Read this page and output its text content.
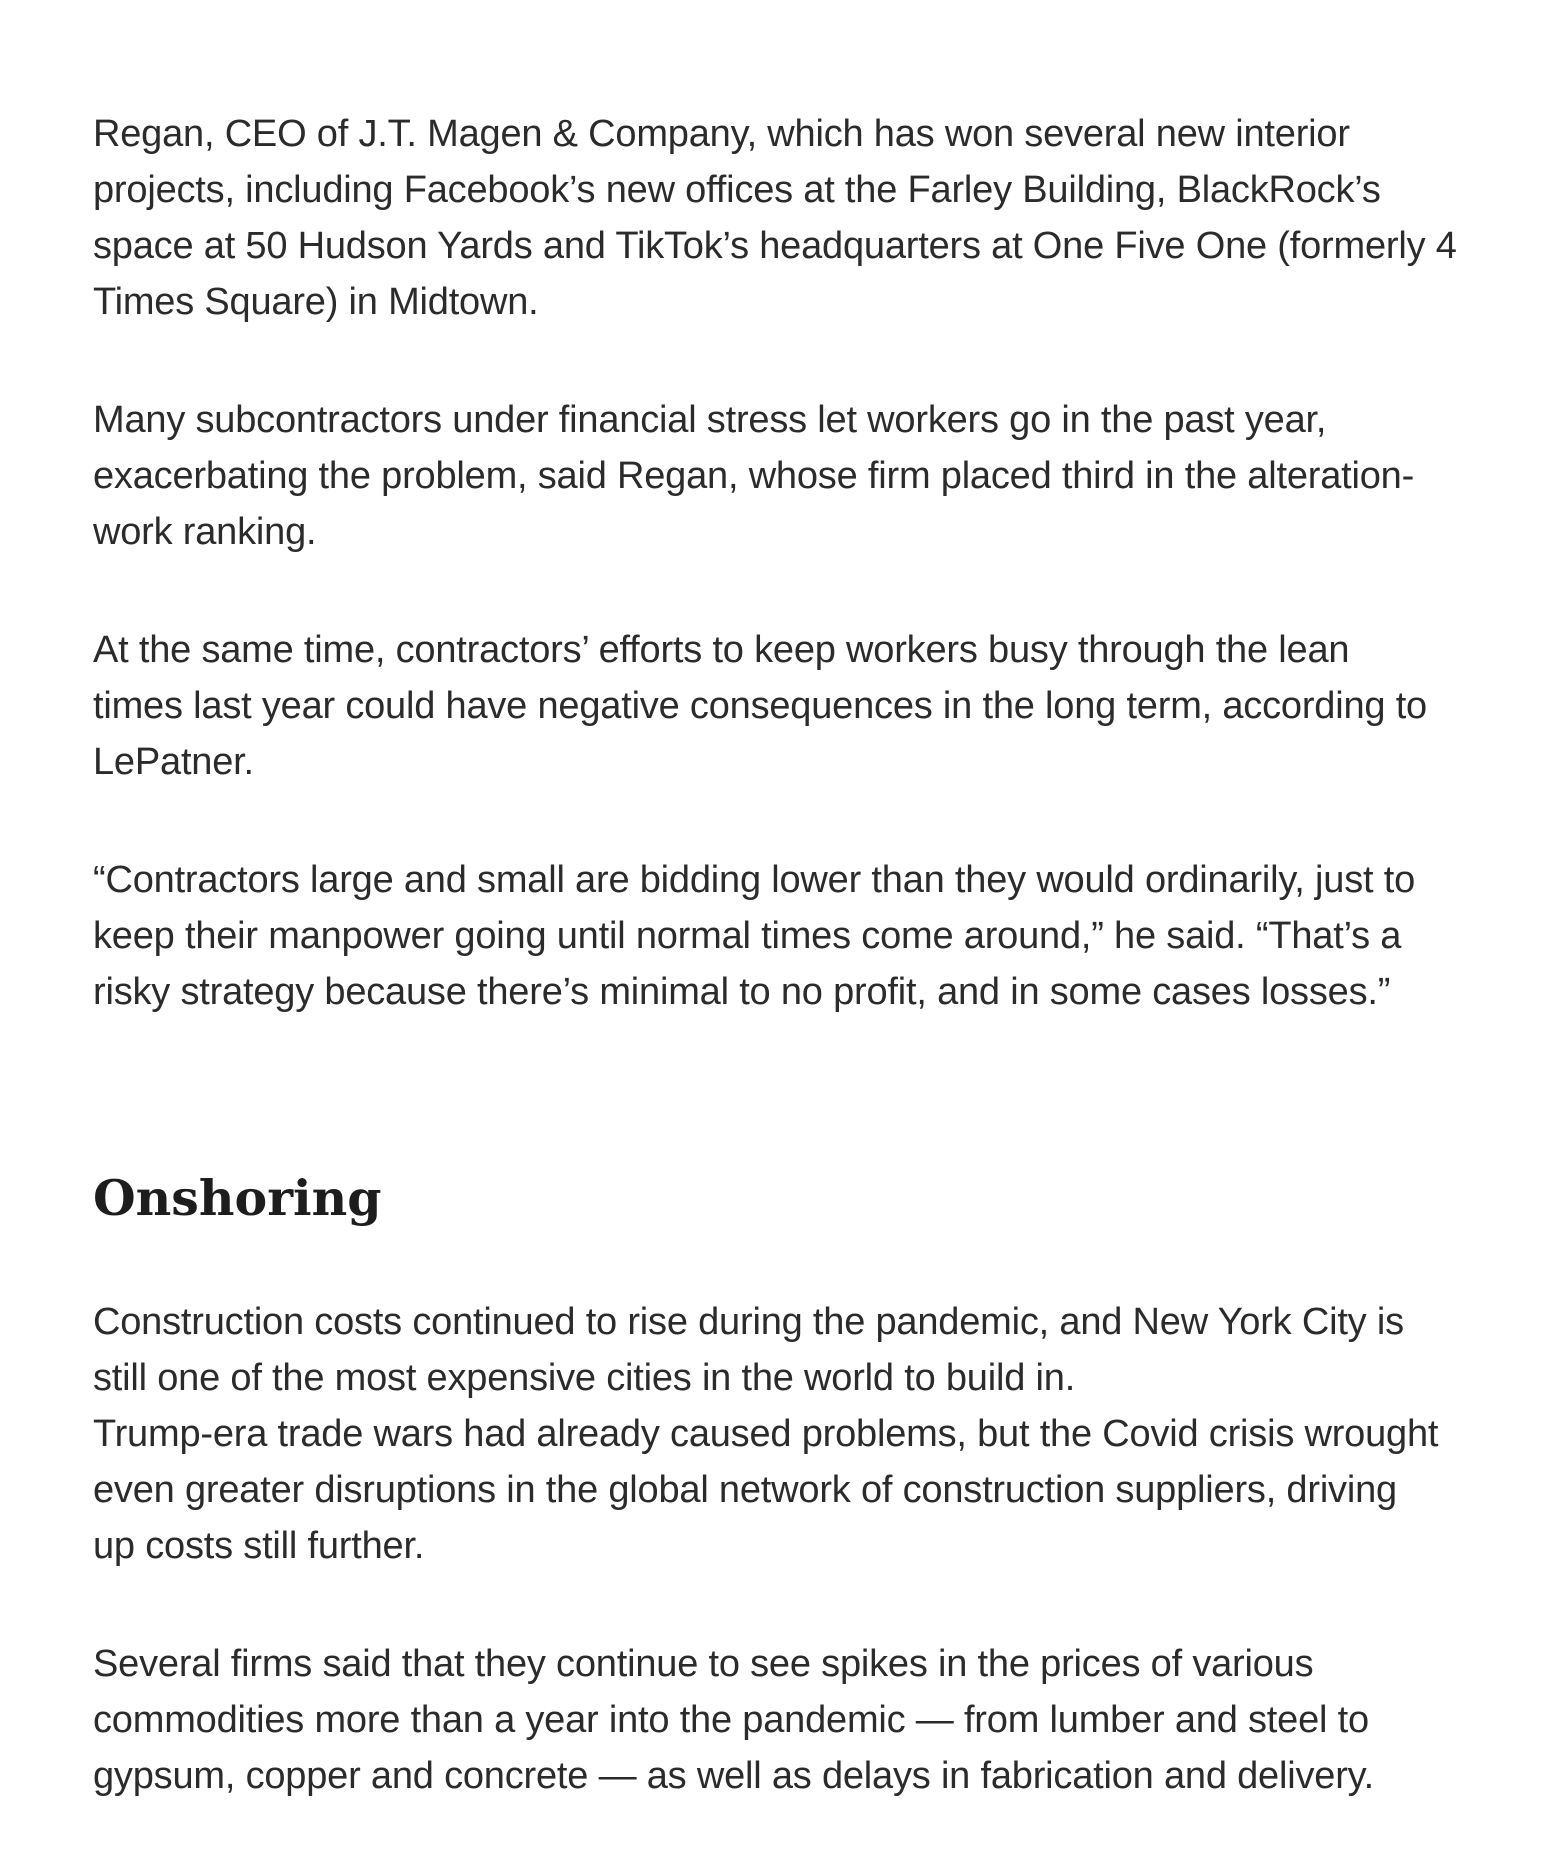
Regan, CEO of J.T. Magen & Company, which has won several new interior
projects, including Facebook’s new offices at the Farley Building, BlackRock’s
space at 50 Hudson Yards and TikTok’s headquarters at One Five One (formerly 4
Times Square) in Midtown.
Many subcontractors under financial stress let workers go in the past year,
exacerbating the problem, said Regan, whose firm placed third in the alteration-
work ranking.
At the same time, contractors’ efforts to keep workers busy through the lean
times last year could have negative consequences in the long term, according to
LePatner.
“Contractors large and small are bidding lower than they would ordinarily, just to
keep their manpower going until normal times come around,” he said. “That’s a
risky strategy because there’s minimal to no profit, and in some cases losses.”
Onshoring
Construction costs continued to rise during the pandemic, and New York City is
still one of the most expensive cities in the world to build in.
Trump-era trade wars had already caused problems, but the Covid crisis wrought
even greater disruptions in the global network of construction suppliers, driving
up costs still further.
Several firms said that they continue to see spikes in the prices of various
commodities more than a year into the pandemic — from lumber and steel to
gypsum, copper and concrete — as well as delays in fabrication and delivery.
